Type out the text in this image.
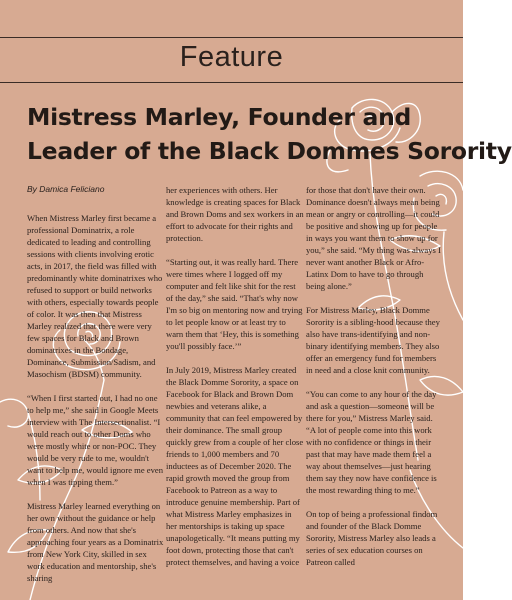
Feature
Mistress Marley, Founder and
Leader of the Black Dommes Sorority
By Damica Feliciano

When Mistress Marley first became a professional Dominatrix, a role dedicated to leading and controlling sessions with clients involving erotic acts, in 2017, the field was filled with predominantly white dominatrixes who refused to support or build networks with others, especially towards people of color. It was then that Mistress Marley realized that there were very few spaces for Black and Brown dominatrixes in the Bondage, Dominance, Submission/Sadism, and Masochism (BDSM) community.

“When I first started out, I had no one to help me,” she said in Google Meets interview with The Intersectionalist. “I would reach out to other Doms who were mostly white or non-POC. They would be very rude to me, wouldn't want to help me, would ignore me even when I was tipping them.”

Mistress Marley learned everything on her own without the guidance or help from others. And now that she's approaching four years as a Dominatrix from New York City, skilled in sex work education and mentorship, she's sharing

her experiences with others. Her knowledge is creating spaces for Black and Brown Doms and sex workers in an effort to advocate for their rights and protection.

“Starting out, it was really hard. There were times where I logged off my computer and felt like shit for the rest of the day,” she said. “That's why now I'm so big on mentoring now and trying to let people know or at least try to warn them that ‘Hey, this is something you'll possibly face.’”

In July 2019, Mistress Marley created the Black Domme Sorority, a space on Facebook for Black and Brown Dom newbies and veterans alike, a community that can feel empowered by their dominance. The small group quickly grew from a couple of her close friends to 1,000 members and 70 inductees as of December 2020. The rapid growth moved the group from Facebook to Patreon as a way to introduce genuine membership. Part of what Mistress Marley emphasizes in her mentorships is taking up space unapologetically. “It means putting my foot down, protecting those that can't protect themselves, and having a voice

for those that don't have their own. Dominance doesn't always mean being mean or angry or controlling—it could be positive and showing up for people in ways you want them to show up for you,” she said. “My thing was always I never want another Black or Afro-Latinx Dom to have to go through being alone.”

For Mistress Marley, Black Domme Sorority is a sibling-hood because they also have trans-identifying and non-binary identifying members. They also offer an emergency fund for members in need and a close knit community.

“You can come to any hour of the day and ask a question—someone will be there for you,” Mistress Marley said. “A lot of people come into this work with no confidence or things in their past that may have made them feel a way about themselves—just hearing them say they now have confidence is the most rewarding thing to me.”

On top of being a professional findom and founder of the Black Domme Sorority, Mistress Marley also leads a series of sex education courses on Patreon called
